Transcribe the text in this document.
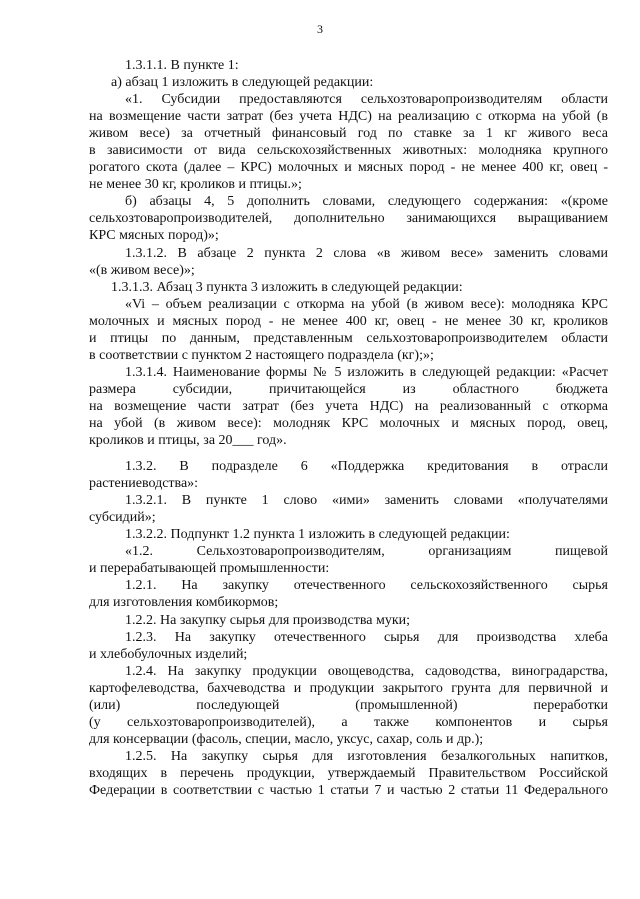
3
1.3.1.1. В пункте 1:
а) абзац 1 изложить в следующей редакции:
«1. Субсидии предоставляются сельхозтоваропроизводителям области
на возмещение части затрат (без учета НДС) на реализацию с откорма на убой (в
живом весе) за отчетный финансовый год по ставке за 1 кг живого веса
в зависимости от вида сельскохозяйственных животных: молодняка крупного
рогатого скота (далее – КРС) молочных и мясных пород - не менее 400 кг, овец -
не менее 30 кг, кроликов и птицы.»;
б) абзацы 4, 5 дополнить словами, следующего содержания: «(кроме
сельхозтоваропроизводителей, дополнительно занимающихся выращиванием
КРС мясных пород)»;
1.3.1.2. В абзаце 2 пункта 2 слова «в живом весе» заменить словами
«(в живом весе)»;
1.3.1.3. Абзац 3 пункта 3 изложить в следующей редакции:
«Vi – объем реализации с откорма на убой (в живом весе): молодняка КРС
молочных и мясных пород - не менее 400 кг, овец - не менее 30 кг, кроликов
и птицы по данным, представленным сельхозтоваропроизводителем области
в соответствии с пунктом 2 настоящего подраздела (кг);»;
1.3.1.4. Наименование формы № 5 изложить в следующей редакции: «Расчет
размера субсидии, причитающейся из областного бюджета
на возмещение части затрат (без учета НДС) на реализованный с откорма
на убой (в живом весе): молодняк КРС молочных и мясных пород, овец,
кроликов и птицы, за 20___ год».
1.3.2. В подразделе 6 «Поддержка кредитования в отрасли
растениеводства»:
1.3.2.1. В пункте 1 слово «ими» заменить словами «получателями
субсидий»;
1.3.2.2. Подпункт 1.2 пункта 1 изложить в следующей редакции:
«1.2. Сельхозтоваропроизводителям, организациям пищевой
и перерабатывающей промышленности:
1.2.1. На закупку отечественного сельскохозяйственного сырья
для изготовления комбикормов;
1.2.2. На закупку сырья для производства муки;
1.2.3. На закупку отечественного сырья для производства хлеба
и хлебобулочных изделий;
1.2.4. На закупку продукции овощеводства, садоводства, виноградарства,
картофелеводства, бахчеводства и продукции закрытого грунта для первичной и
(или) последующей (промышленной) переработки
(у сельхозтоваропроизводителей), а также компонентов и сырья
для консервации (фасоль, специи, масло, уксус, сахар, соль и др.);
1.2.5. На закупку сырья для изготовления безалкогольных напитков,
входящих в перечень продукции, утверждаемый Правительством Российской
Федерации в соответствии с частью 1 статьи 7 и частью 2 статьи 11 Федерального
